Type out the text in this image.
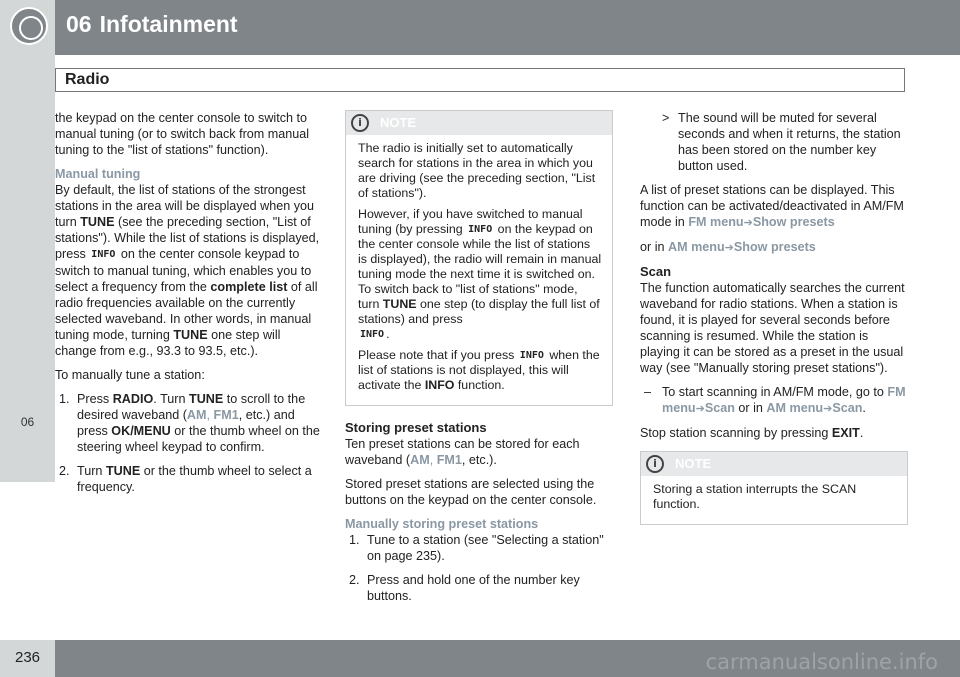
06 Infotainment
Radio
06

the keypad on the center console to switch to manual tuning (or to switch back from manual tuning to the "list of stations" function).

Manual tuning

By default, the list of stations of the strongest stations in the area will be displayed when you turn TUNE (see the preceding section, "List of stations"). While the list of stations is displayed, press INFO on the center console keypad to switch to manual tuning, which enables you to select a frequency from the complete list of all radio frequencies available on the currently selected waveband. In other words, in manual tuning mode, turning TUNE one step will change from e.g., 93.3 to 93.5, etc.).

To manually tune a station:

1. Press RADIO. Turn TUNE to scroll to the desired waveband (AM, FM1, etc.) and press OK/MENU or the thumb wheel on the steering wheel keypad to confirm.
2. Turn TUNE or the thumb wheel to select a frequency.
i	NOTE

The radio is initially set to automatically search for stations in the area in which you are driving (see the preceding section, "List of stations").

However, if you have switched to manual tuning (by pressing INFO on the keypad on the center console while the list of stations is displayed), the radio will remain in manual tuning mode the next time it is switched on. To switch back to "list of stations" mode, turn TUNE one step (to display the full list of stations) and press
INFO .

Please note that if you press INFO when the list of stations is not displayed, this will activate the INFO function.

Storing preset stations

Ten preset stations can be stored for each waveband (AM, FM1, etc.).

Stored preset stations are selected using the buttons on the keypad on the center console.

Manually storing preset stations
1. Tune to a station (see "Selecting a station" on page 235).
2. Press and hold one of the number key buttons.
> The sound will be muted for several seconds and when it returns, the station has been stored on the number key button used.

A list of preset stations can be displayed. This function can be activated/deactivated in AM/FM mode in FM menu➔Show presets

or in AM menu➔Show presets

Scan

The function automatically searches the current waveband for radio stations. When a station is found, it is played for several seconds before scanning is resumed. While the station is playing it can be stored as a preset in the usual way (see "Manually storing preset stations").

– To start scanning in AM/FM mode, go to FM menu➔Scan or in AM menu➔Scan.

Stop station scanning by pressing EXIT.

i	NOTE

Storing a station interrupts the SCAN function.

236	carmanualsonline.info
